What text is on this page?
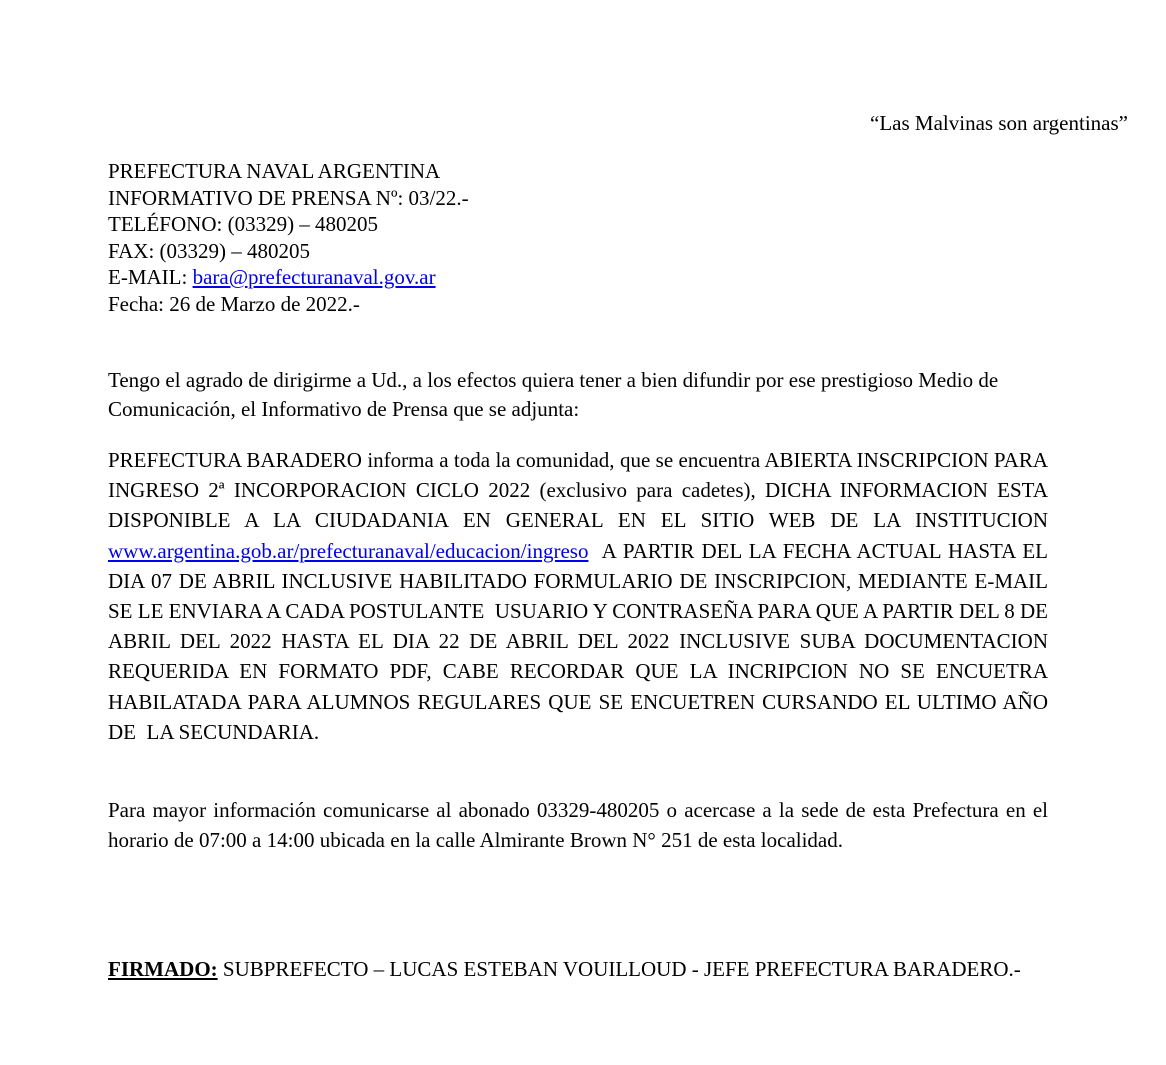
“Las Malvinas son argentinas”
PREFECTURA NAVAL ARGENTINA
INFORMATIVO DE PRENSA Nº: 03/22.-
TELÉFONO: (03329) – 480205
FAX: (03329) – 480205
E-MAIL: bara@prefecturanaval.gov.ar
Fecha: 26 de Marzo de 2022.-
Tengo el agrado de dirigirme a Ud., a los efectos quiera tener a bien difundir por ese prestigioso Medio de Comunicación, el Informativo de Prensa que se adjunta:
PREFECTURA BARADERO informa a toda la comunidad, que se encuentra ABIERTA INSCRIPCION PARA INGRESO 2ª INCORPORACION CICLO 2022 (exclusivo para cadetes), DICHA INFORMACION ESTA DISPONIBLE A LA CIUDADANIA EN GENERAL EN EL SITIO WEB DE LA INSTITUCION www.argentina.gob.ar/prefecturanaval/educacion/ingreso  A PARTIR DEL LA FECHA ACTUAL HASTA EL DIA 07 DE ABRIL INCLUSIVE HABILITADO FORMULARIO DE INSCRIPCION, MEDIANTE E-MAIL SE LE ENVIARA A CADA POSTULANTE  USUARIO Y CONTRASEÑA PARA QUE A PARTIR DEL 8 DE ABRIL DEL 2022 HASTA EL DIA 22 DE ABRIL DEL 2022 INCLUSIVE SUBA DOCUMENTACION REQUERIDA EN FORMATO PDF, CABE RECORDAR QUE LA INCRIPCION NO SE ENCUETRA HABILATADA PARA ALUMNOS REGULARES QUE SE ENCUETREN CURSANDO EL ULTIMO AÑO DE  LA SECUNDARIA.
Para mayor información comunicarse al abonado 03329-480205 o acercase a la sede de esta Prefectura en el horario de 07:00 a 14:00 ubicada en la calle Almirante Brown N° 251 de esta localidad.
FIRMADO: SUBPREFECTO – LUCAS ESTEBAN VOUILLOUD - JEFE PREFECTURA BARADERO.-
